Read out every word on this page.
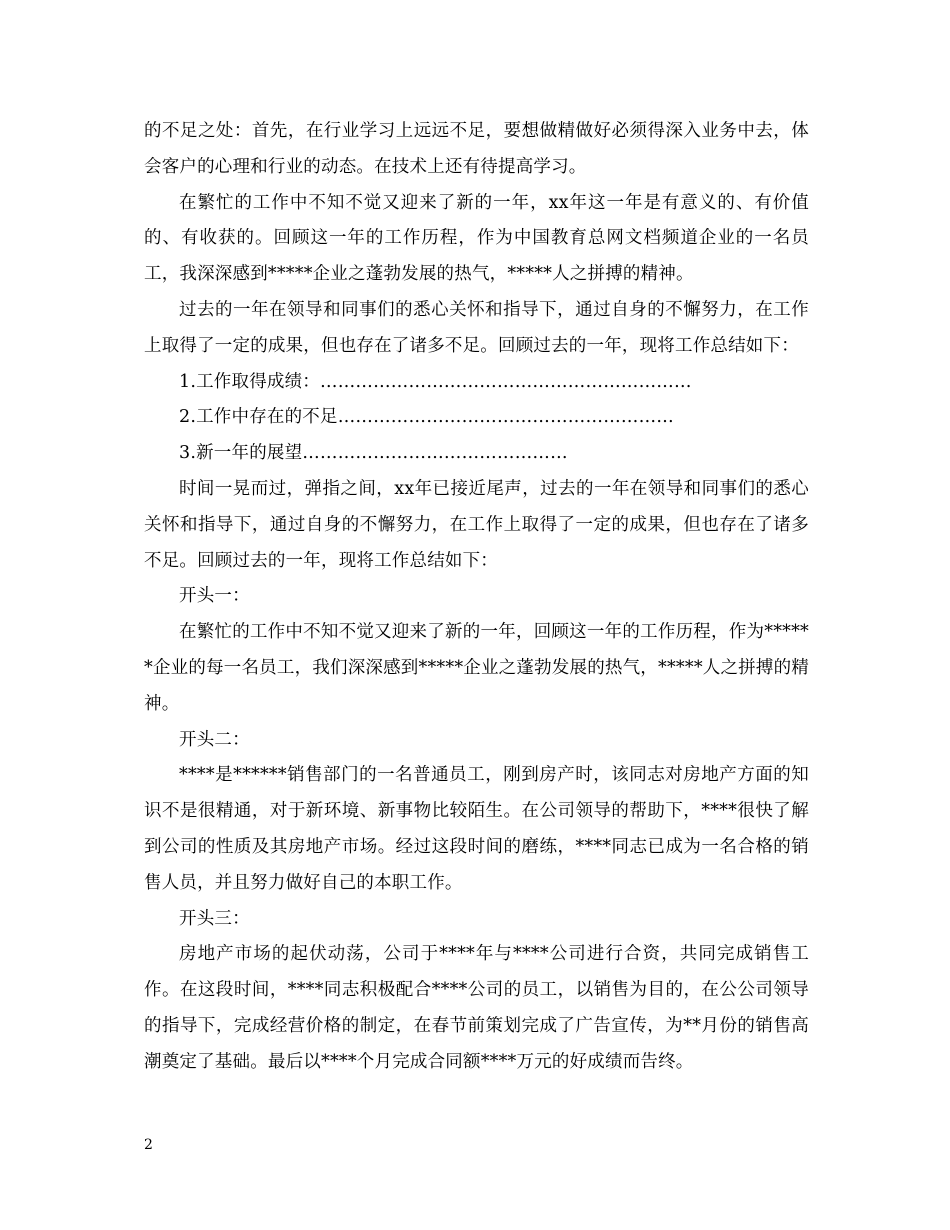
的不足之处：首先，在行业学习上远远不足，要想做精做好必须得深入业务中去，体会客户的心理和行业的动态。在技术上还有待提高学习。

在繁忙的工作中不知不觉又迎来了新的一年，xx年这一年是有意义的、有价值的、有收获的。回顾这一年的工作历程，作为中国教育总网文档频道企业的一名员工，我深深感到*****企业之蓬勃发展的热气，*****人之拼搏的精神。

过去的一年在领导和同事们的悉心关怀和指导下，通过自身的不懈努力，在工作上取得了一定的成果，但也存在了诸多不足。回顾过去的一年，现将工作总结如下：

1.工作取得成绩：………………………………………………………

2.工作中存在的不足…………………………………………………

3.新一年的展望………………………………………

时间一晃而过，弹指之间，xx年已接近尾声，过去的一年在领导和同事们的悉心关怀和指导下，通过自身的不懈努力，在工作上取得了一定的成果，但也存在了诸多不足。回顾过去的一年，现将工作总结如下：

开头一：

在繁忙的工作中不知不觉又迎来了新的一年，回顾这一年的工作历程，作为******企业的每一名员工，我们深深感到*****企业之蓬勃发展的热气，*****人之拼搏的精神。

开头二：

****是******销售部门的一名普通员工，刚到房产时，该同志对房地产方面的知识不是很精通，对于新环境、新事物比较陌生。在公司领导的帮助下，****很快了解到公司的性质及其房地产市场。经过这段时间的磨练，****同志已成为一名合格的销售人员，并且努力做好自己的本职工作。

开头三：

房地产市场的起伏动荡，公司于****年与****公司进行合资，共同完成销售工作。在这段时间，****同志积极配合****公司的员工，以销售为目的，在公公司领导的指导下，完成经营价格的制定，在春节前策划完成了广告宣传，为**月份的销售高潮奠定了基础。最后以****个月完成合同额****万元的好成绩而告终。

2
